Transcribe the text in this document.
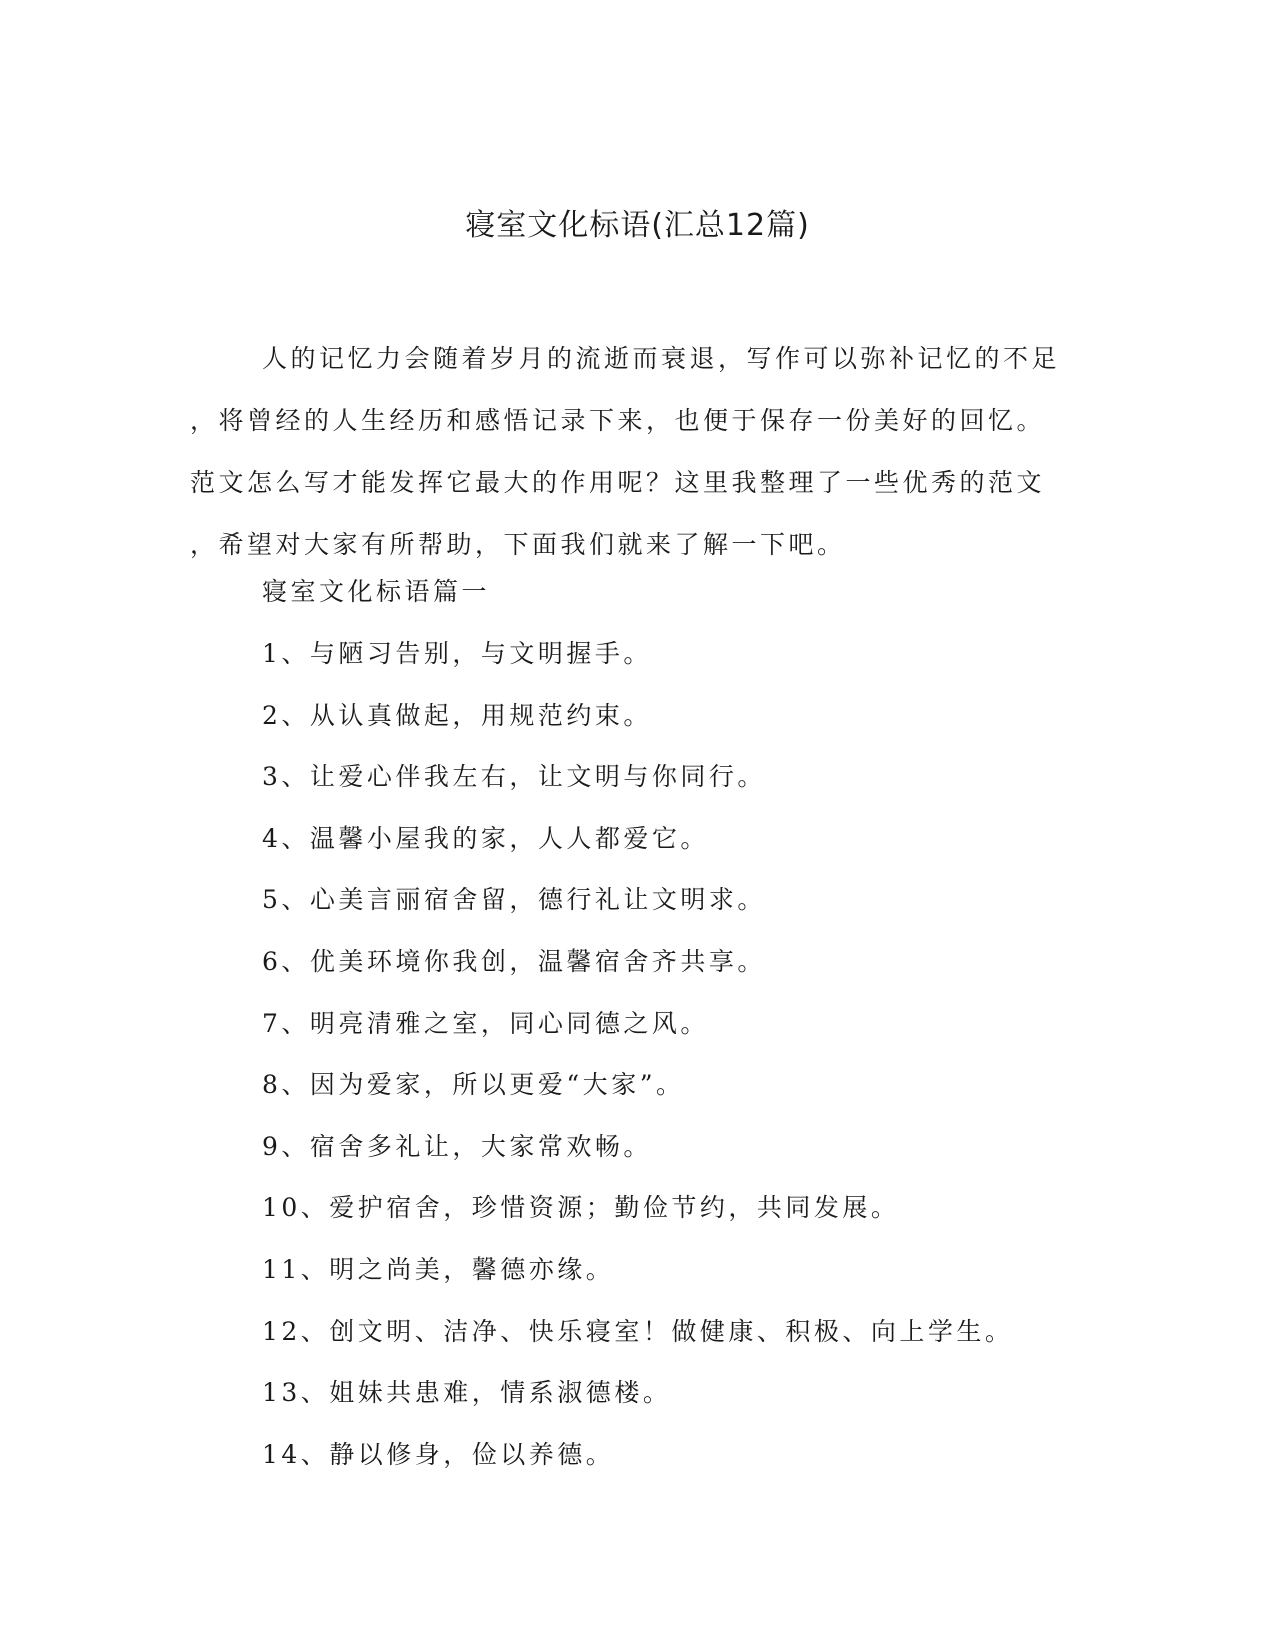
寝室文化标语(汇总12篇)

人的记忆力会随着岁月的流逝而衰退，写作可以弥补记忆的不足
，将曾经的人生经历和感悟记录下来，也便于保存一份美好的回忆。
范文怎么写才能发挥它最大的作用呢？这里我整理了一些优秀的范文
，希望对大家有所帮助，下面我们就来了解一下吧。

寝室文化标语篇一
1、与陋习告别，与文明握手。
2、从认真做起，用规范约束。
3、让爱心伴我左右，让文明与你同行。
4、温馨小屋我的家，人人都爱它。
5、心美言丽宿舍留，德行礼让文明求。
6、优美环境你我创，温馨宿舍齐共享。
7、明亮清雅之室，同心同德之风。
8、因为爱家，所以更爱“大家”。
9、宿舍多礼让，大家常欢畅。
10、爱护宿舍，珍惜资源；勤俭节约，共同发展。
11、明之尚美，馨德亦缘。
12、创文明、洁净、快乐寝室！做健康、积极、向上学生。
13、姐妹共患难，情系淑德楼。
14、静以修身，俭以养德。
